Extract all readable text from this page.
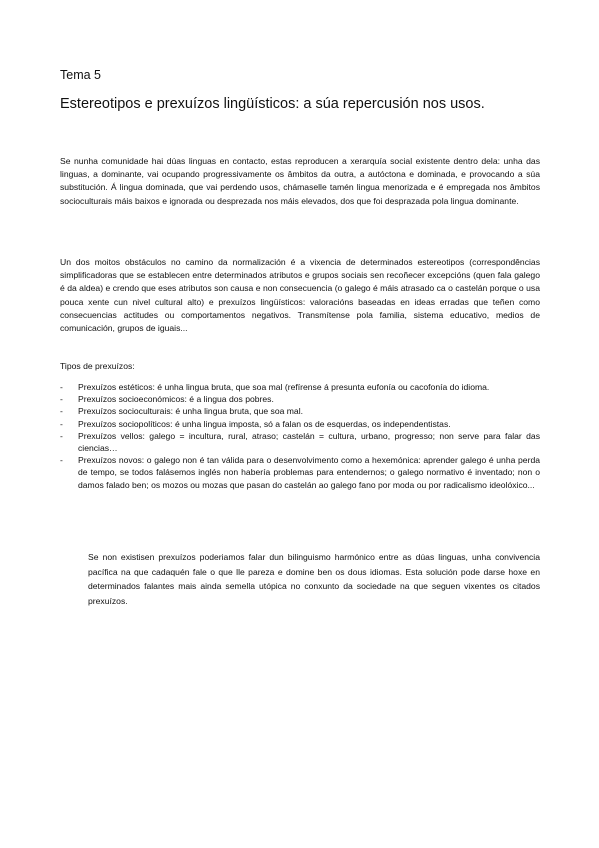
Tema 5
Estereotipos e prexuízos lingüísticos: a súa repercusión nos usos.

Se nunha comunidade hai dúas linguas en contacto, estas reproducen a xerarquía social existente dentro dela: unha das linguas, a dominante, vai ocupando progressivamente os âmbitos da outra, a autóctona e dominada, e provocando a súa substitución. Á lingua dominada, que vai perdendo usos, chámaselle tamén lingua menorizada e é empregada nos âmbitos socioculturais máis baixos e ignorada ou desprezada nos máis elevados, dos que foi desprazada pola lingua dominante.

Un dos moitos obstáculos no camino da normalización é a vixencia de determinados estereotipos (correspondências simplificadoras que se establecen entre determinados atributos e grupos sociais sen recoñecer excepcións (quen fala galego é da aldea) e crendo que eses atributos son causa e non consecuencia (o galego é máis atrasado ca o castelán porque o usa pouca xente cun nivel cultural alto) e prexuízos lingüísticos: valoracións baseadas en ideas erradas que teñen como consecuencias actitudes ou comportamentos negativos. Transmítense pola familia, sistema educativo, medios de comunicación, grupos de iguais...

Tipos de prexuízos:
- Prexuízos estéticos: é unha lingua bruta, que soa mal (refírense á presunta eufonía ou cacofonía do idioma.
- Prexuízos socioeconómicos: é a lingua dos pobres.
- Prexuízos socioculturais: é unha lingua bruta, que soa mal.
- Prexuízos sociopolíticos: é unha lingua imposta, só a falan os de esquerdas, os independentistas.
- Prexuízos vellos: galego = incultura, rural, atraso; castelán = cultura, urbano, progresso; non serve para falar das ciencias…
- Prexuízos novos: o galego non é tan válida para o desenvolvimento como a hexemónica: aprender galego é unha perda de tempo, se todos falásemos inglés non habería problemas para entendernos; o galego normativo é inventado; non o damos falado ben; os mozos ou mozas que pasan do castelán ao galego fano por moda ou por radicalismo ideolóxico...

Se non existisen prexuízos poderiamos falar dun bilinguismo harmónico entre as dúas linguas, unha convivencia pacífica na que cadaquén fale o que lle pareza e domine ben os dous idiomas. Esta solución pode darse hoxe en determinados falantes mais ainda semella utópica no conxunto da sociedade na que seguen vixentes os citados prexuízos.
